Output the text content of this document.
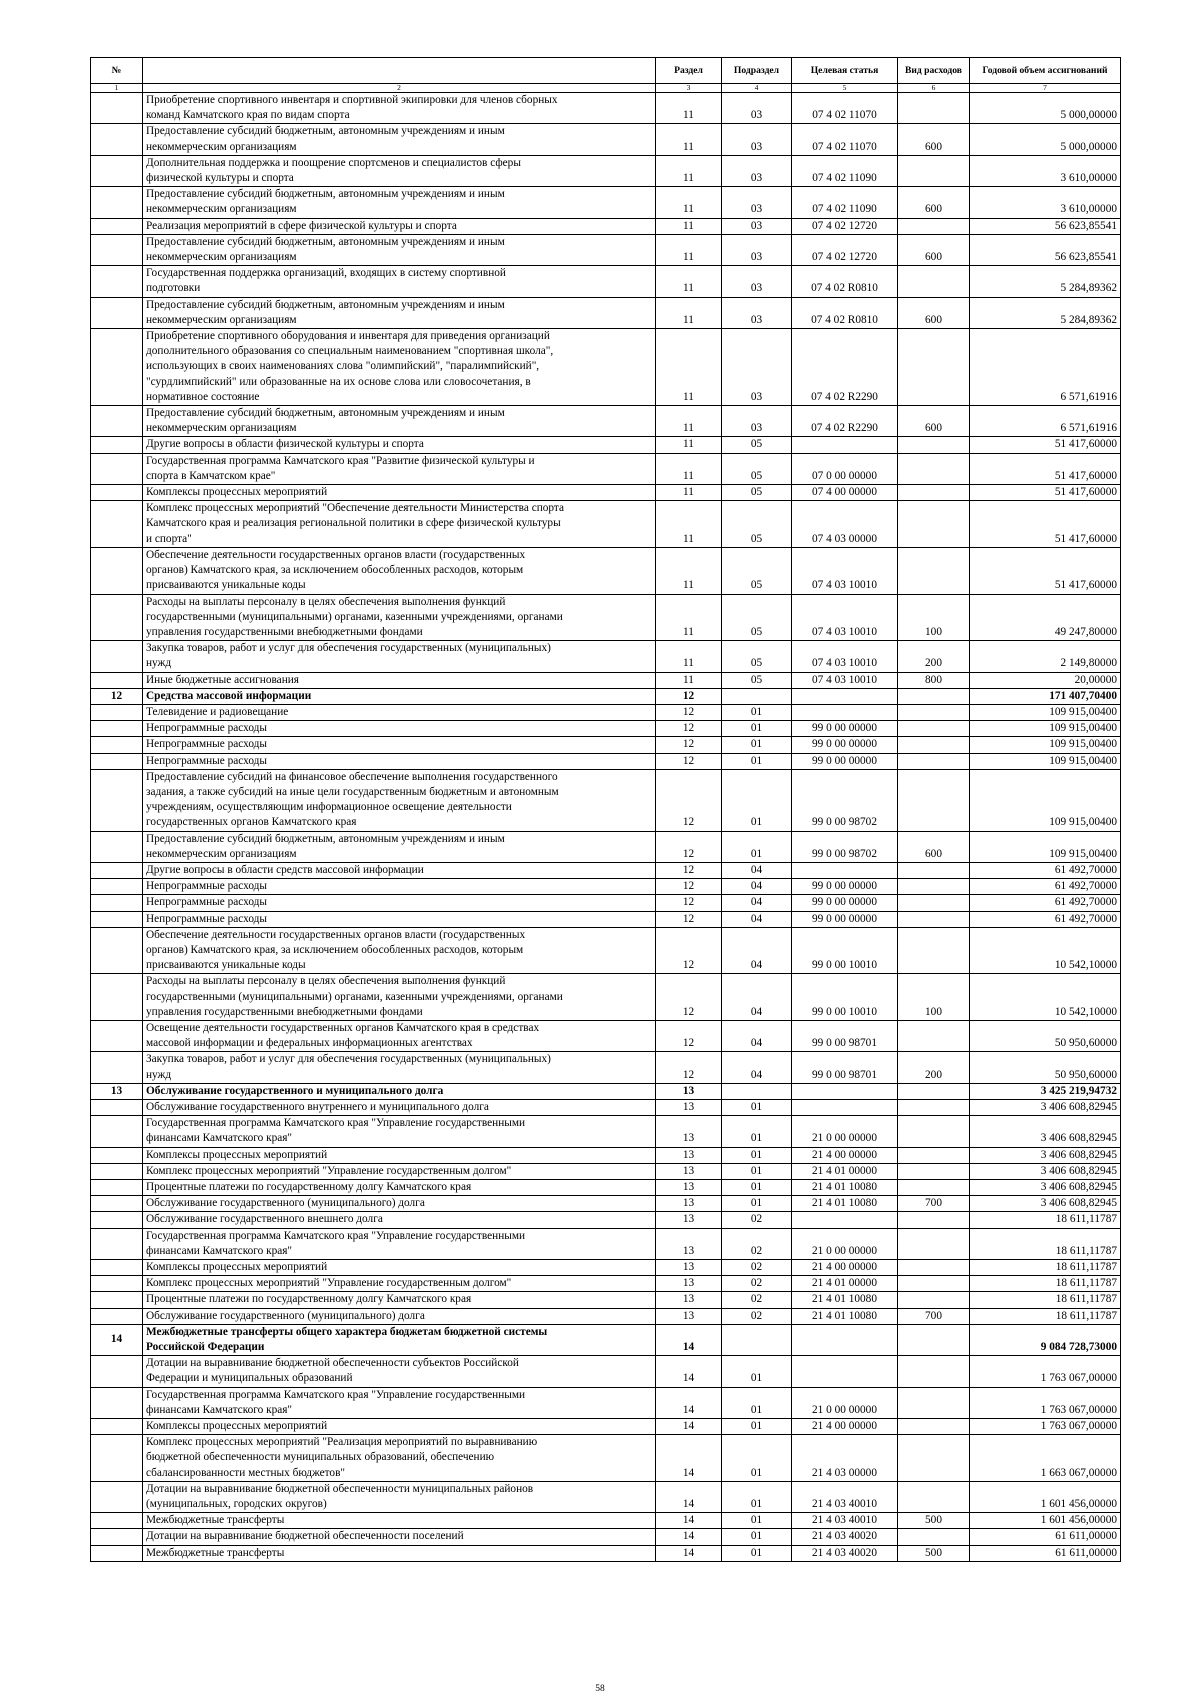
№		Раздел	Подраздел	Целевая статья	Вид расходов	Годовой объем ассигнований
1	2	3	4	5	6	7
	Приобретение спортивного инвентаря и спортивной экипировки для членов сборных
команд Камчатского края по видам спорта	11	03	07 4 02 11070		5 000,00000
	Предоставление субсидий бюджетным, автономным учреждениям и иным
некоммерческим организациям	11	03	07 4 02 11070	600	5 000,00000
	Дополнительная поддержка и поощрение спортсменов и специалистов сферы
физической культуры и спорта	11	03	07 4 02 11090		3 610,00000
	Предоставление субсидий бюджетным, автономным учреждениям и иным
некоммерческим организациям	11	03	07 4 02 11090	600	3 610,00000
	Реализация мероприятий в сфере физической культуры и спорта	11	03	07 4 02 12720		56 623,85541
	Предоставление субсидий бюджетным, автономным учреждениям и иным
некоммерческим организациям	11	03	07 4 02 12720	600	56 623,85541
	Государственная поддержка организаций, входящих в систему спортивной
подготовки	11	03	07 4 02 R0810		5 284,89362
	Предоставление субсидий бюджетным, автономным учреждениям и иным
некоммерческим организациям	11	03	07 4 02 R0810	600	5 284,89362
	Приобретение спортивного оборудования и инвентаря для приведения организаций
дополнительного образования со специальным наименованием "спортивная школа",
использующих в своих наименованиях слова "олимпийский", "паралимпийский",
"сурдлимпийский" или образованные на их основе слова или словосочетания, в
нормативное состояние	11	03	07 4 02 R2290		6 571,61916
	Предоставление субсидий бюджетным, автономным учреждениям и иным
некоммерческим организациям	11	03	07 4 02 R2290	600	6 571,61916
	Другие вопросы в области физической культуры и спорта	11	05			51 417,60000
	Государственная программа Камчатского края "Развитие физической культуры и
спорта в Камчатском крае"	11	05	07 0 00 00000		51 417,60000
	Комплексы процессных мероприятий	11	05	07 4 00 00000		51 417,60000
	Комплекс процессных мероприятий "Обеспечение деятельности Министерства спорта
Камчатского края и реализация региональной политики в сфере физической культуры
и спорта"	11	05	07 4 03 00000		51 417,60000
	Обеспечение деятельности государственных органов власти (государственных
органов) Камчатского края, за исключением обособленных расходов, которым
присваиваются уникальные коды	11	05	07 4 03 10010		51 417,60000
	Расходы на выплаты персоналу в целях обеспечения выполнения функций
государственными (муниципальными) органами, казенными учреждениями, органами
управления государственными внебюджетными фондами	11	05	07 4 03 10010	100	49 247,80000
	Закупка товаров, работ и услуг для обеспечения государственных (муниципальных)
нужд	11	05	07 4 03 10010	200	2 149,80000
	Иные бюджетные ассигнования	11	05	07 4 03 10010	800	20,00000
12	Средства массовой информации	12				171 407,70400
	Телевидение и радиовещание	12	01			109 915,00400
	Непрограммные расходы	12	01	99 0 00 00000		109 915,00400
	Непрограммные расходы	12	01	99 0 00 00000		109 915,00400
	Непрограммные расходы	12	01	99 0 00 00000		109 915,00400
	Предоставление субсидий на финансовое обеспечение выполнения государственного
задания, а также субсидий на иные цели государственным бюджетным и автономным
учреждениям, осуществляющим информационное освещение деятельности
государственных органов Камчатского края	12	01	99 0 00 98702		109 915,00400
	Предоставление субсидий бюджетным, автономным учреждениям и иным
некоммерческим организациям	12	01	99 0 00 98702	600	109 915,00400
	Другие вопросы в области средств массовой информации	12	04			61 492,70000
	Непрограммные расходы	12	04	99 0 00 00000		61 492,70000
	Непрограммные расходы	12	04	99 0 00 00000		61 492,70000
	Непрограммные расходы	12	04	99 0 00 00000		61 492,70000
	Обеспечение деятельности государственных органов власти (государственных
органов) Камчатского края, за исключением обособленных расходов, которым
присваиваются уникальные коды	12	04	99 0 00 10010		10 542,10000
	Расходы на выплаты персоналу в целях обеспечения выполнения функций
государственными (муниципальными) органами, казенными учреждениями, органами
управления государственными внебюджетными фондами	12	04	99 0 00 10010	100	10 542,10000
	Освещение деятельности государственных органов Камчатского края в средствах
массовой информации и федеральных информационных агентствах	12	04	99 0 00 98701		50 950,60000
	Закупка товаров, работ и услуг для обеспечения государственных (муниципальных)
нужд	12	04	99 0 00 98701	200	50 950,60000
13	Обслуживание государственного и муниципального долга	13				3 425 219,94732
	Обслуживание государственного внутреннего и муниципального долга	13	01			3 406 608,82945
	Государственная программа Камчатского края "Управление государственными
финансами Камчатского края"	13	01	21 0 00 00000		3 406 608,82945
	Комплексы процессных мероприятий	13	01	21 4 00 00000		3 406 608,82945
	Комплекс процессных мероприятий "Управление государственным долгом"	13	01	21 4 01 00000		3 406 608,82945
	Процентные платежи по государственному долгу Камчатского края	13	01	21 4 01 10080		3 406 608,82945
	Обслуживание государственного (муниципального) долга	13	01	21 4 01 10080	700	3 406 608,82945
	Обслуживание государственного внешнего долга	13	02			18 611,11787
	Государственная программа Камчатского края "Управление государственными
финансами Камчатского края"	13	02	21 0 00 00000		18 611,11787
	Комплексы процессных мероприятий	13	02	21 4 00 00000		18 611,11787
	Комплекс процессных мероприятий "Управление государственным долгом"	13	02	21 4 01 00000		18 611,11787
	Процентные платежи по государственному долгу Камчатского края	13	02	21 4 01 10080		18 611,11787
	Обслуживание государственного (муниципального) долга	13	02	21 4 01 10080	700	18 611,11787
14	Межбюджетные трансферты общего характера бюджетам бюджетной системы
Российской Федерации	14				9 084 728,73000
	Дотации на выравнивание бюджетной обеспеченности субъектов Российской
Федерации и муниципальных образований	14	01			1 763 067,00000
	Государственная программа Камчатского края "Управление государственными
финансами Камчатского края"	14	01	21 0 00 00000		1 763 067,00000
	Комплексы процессных мероприятий	14	01	21 4 00 00000		1 763 067,00000
	Комплекс процессных мероприятий "Реализация мероприятий по выравниванию
бюджетной обеспеченности муниципальных образований, обеспечению
сбалансированности местных бюджетов"	14	01	21 4 03 00000		1 663 067,00000
	Дотации на выравнивание бюджетной обеспеченности муниципальных районов
(муниципальных, городских округов)	14	01	21 4 03 40010		1 601 456,00000
	Межбюджетные трансферты	14	01	21 4 03 40010	500	1 601 456,00000
	Дотации на выравнивание бюджетной обеспеченности поселений	14	01	21 4 03 40020		61 611,00000
	Межбюджетные трансферты	14	01	21 4 03 40020	500	61 611,00000
58
